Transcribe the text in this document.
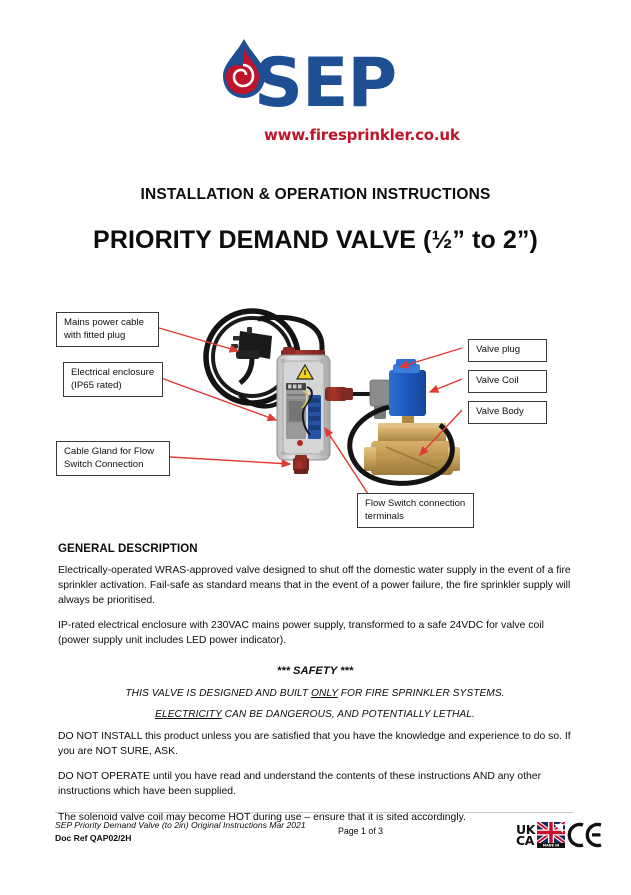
SEP
www.firesprinkler.co.uk
INSTALLATION & OPERATION INSTRUCTIONS
PRIORITY DEMAND VALVE (½” to 2”)
Mains power cable
with fitted plug
Electrical enclosure
(IP65 rated)
Cable Gland for Flow
Switch Connection
Valve plug
Valve Coil
Valve Body
Flow Switch connection
terminals
GENERAL DESCRIPTION

Electrically-operated WRAS-approved valve designed to shut off the domestic water supply in the event of a fire sprinkler activation. Fail-safe as standard means that in the event of a power failure, the fire sprinkler supply will always be prioritised.

IP-rated electrical enclosure with 230VAC mains power supply, transformed to a safe 24VDC for valve coil (power supply unit includes LED power indicator).

*** SAFETY ***

THIS VALVE IS DESIGNED AND BUILT ONLY FOR FIRE SPRINKLER SYSTEMS.

ELECTRICITY CAN BE DANGEROUS, AND POTENTIALLY LETHAL.

DO NOT INSTALL this product unless you are satisfied that you have the knowledge and experience to do so. If you are NOT SURE, ASK.

DO NOT OPERATE until you have read and understand the contents of these instructions AND any other instructions which have been supplied.

The solenoid valve coil may become HOT during use – ensure that it is sited accordingly.

SEP Priority Demand Valve (to 2in) Original Instructions Mar 2021
Doc Ref QAP02/2H
Page 1 of 3	UK
CA	MADE IN
